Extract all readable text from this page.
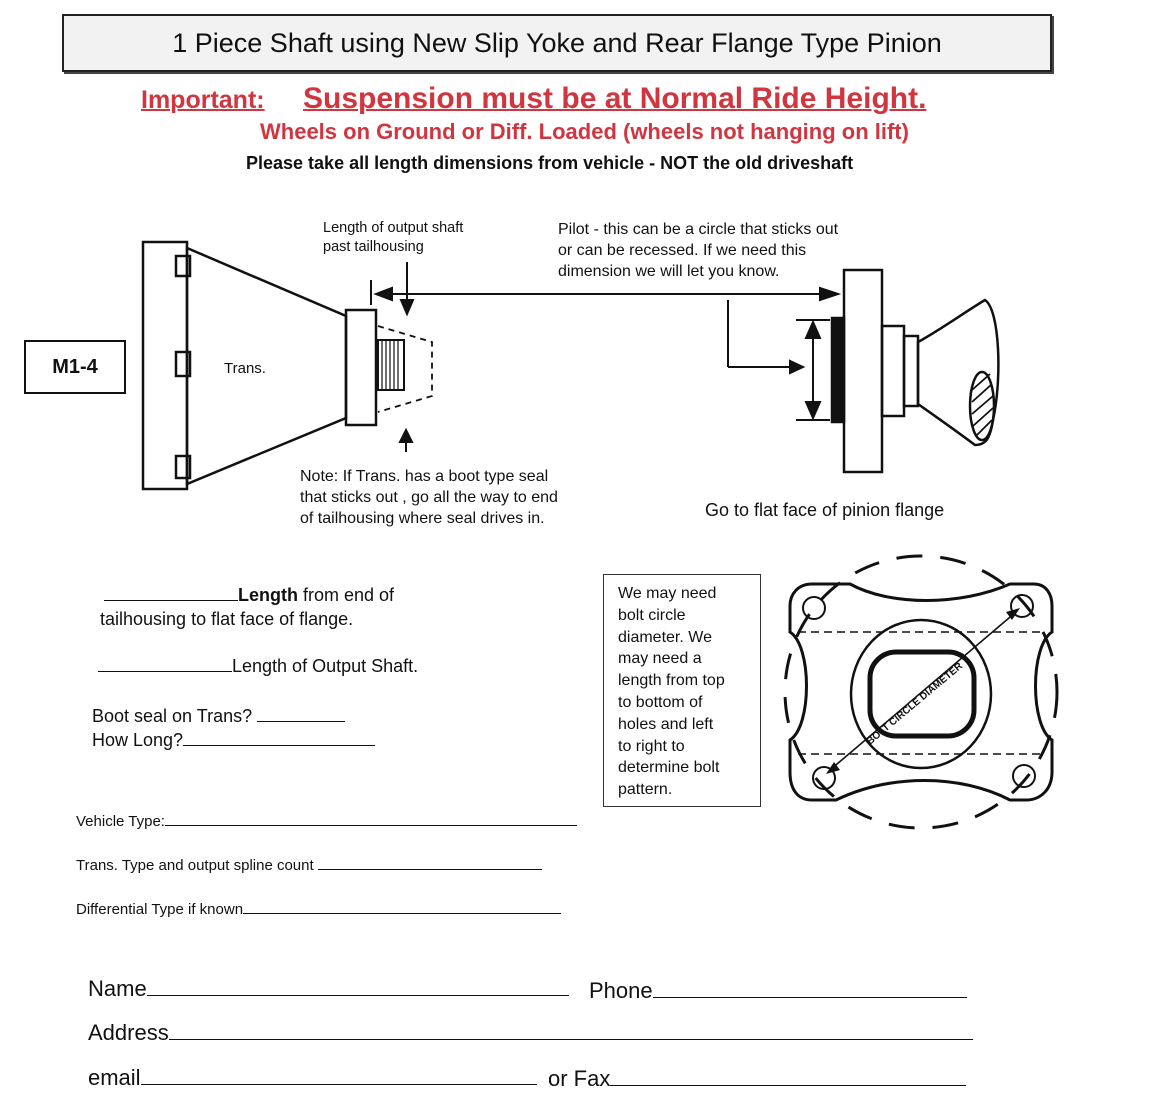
1 Piece Shaft using New Slip Yoke and Rear Flange Type Pinion
Important: Suspension must be at Normal Ride Height.
Wheels on Ground or Diff. Loaded (wheels not hanging on lift)
Please take all length dimensions from vehicle - NOT the old driveshaft
M1-4
BOLT CIRCLE DIAMETER
Trans.
Length of output shaft
past tailhousing
Pilot - this can be a circle that sticks out
or can be recessed. If we need this
dimension we will let you know.
Note: If Trans. has a boot type seal
that sticks out , go all the way to end
of tailhousing where seal drives in.	Go to flat face of pinion flange
Length from end of
tailhousing to flat face of flange.
Length of Output Shaft.
Boot seal on Trans?
How Long?
We may need
bolt circle
diameter. We
may need a
length from top
to bottom of
holes and left
to right to
determine bolt
pattern.
Vehicle Type:
Trans. Type and output spline count
Differential Type if known
Name	Phone
Address
email	or Fax
